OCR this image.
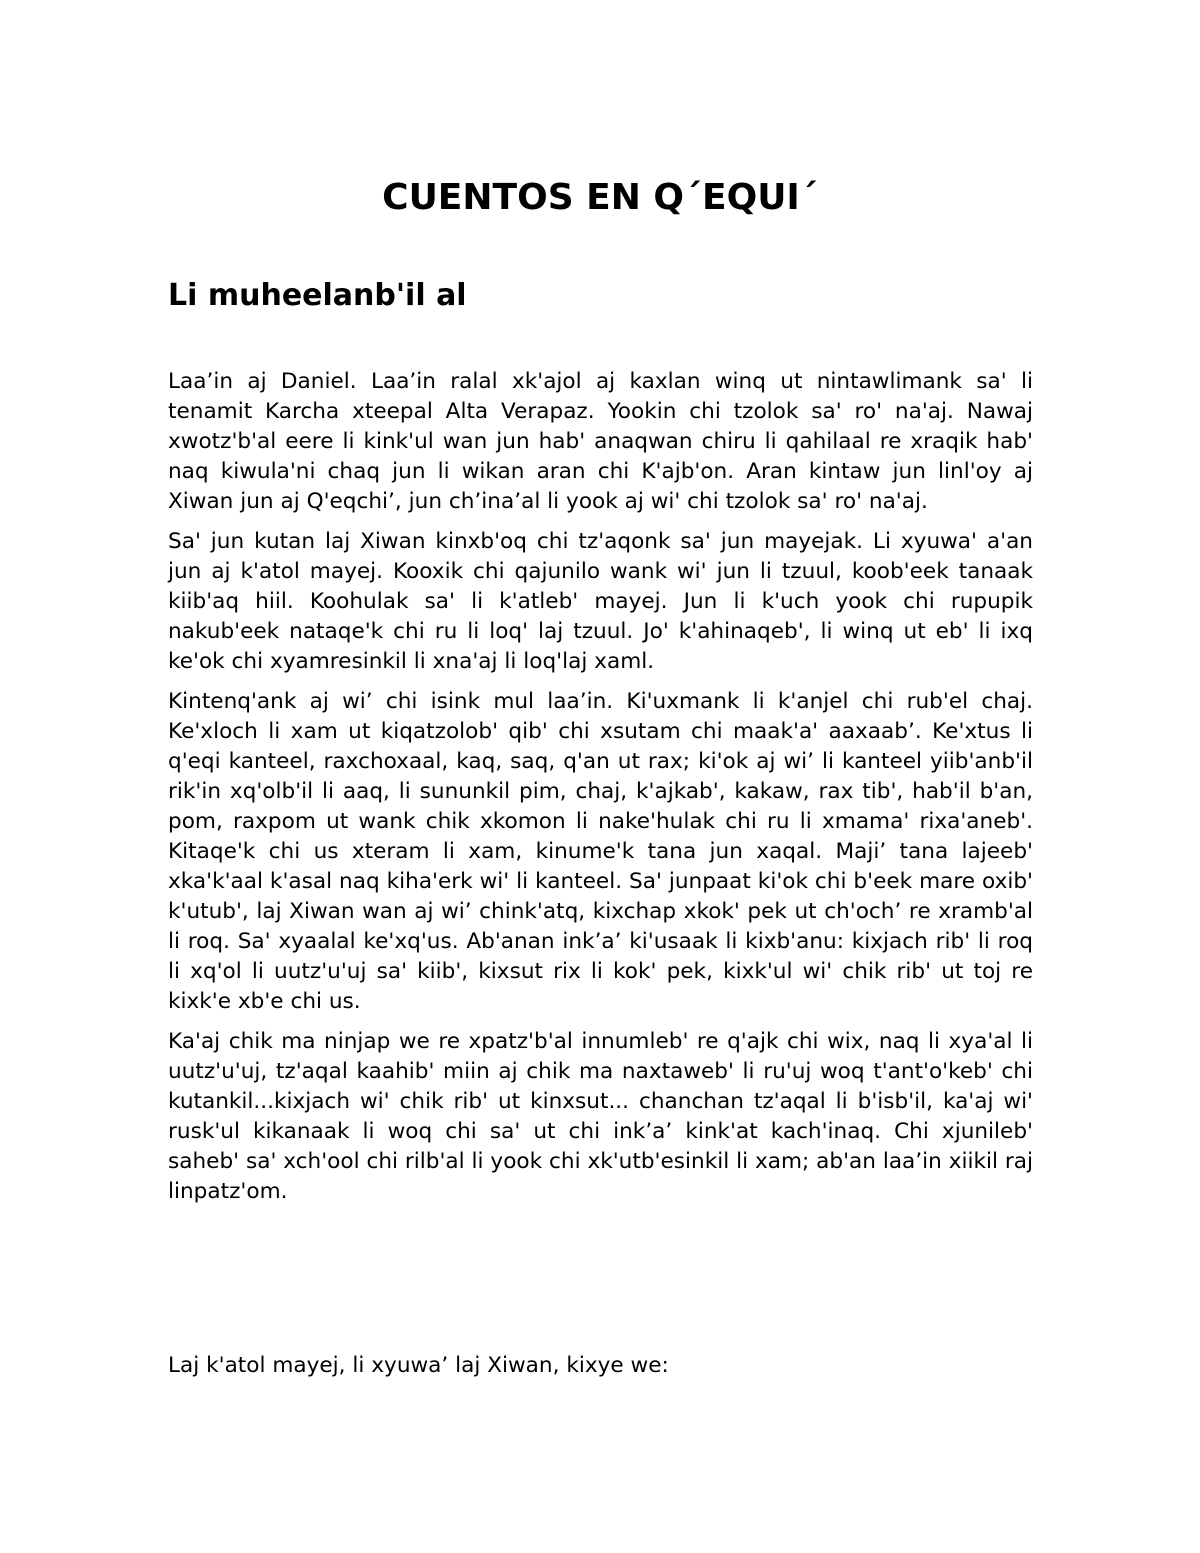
CUENTOS EN Q´EQUI´
Li muheelanb'il al

Laa’in aj Daniel. Laa’in ralal xk'ajol aj kaxlan winq ut nintawlimank sa' li tenamit Karcha xteepal Alta Verapaz. Yookin chi tzolok sa' ro' na'aj. Nawaj xwotz'b'al eere li kink'ul wan jun hab' anaqwan chiru li qahilaal re xraqik hab' naq kiwula'ni chaq jun li wikan aran chi K'ajb'on. Aran kintaw jun linl'oy aj Xiwan jun aj Q'eqchi’, jun ch’ina’al li yook aj wi' chi tzolok sa' ro' na'aj.

Sa' jun kutan laj Xiwan kinxb'oq chi tz'aqonk sa' jun mayejak. Li xyuwa' a'an jun aj k'atol mayej. Kooxik chi qajunilo wank wi' jun li tzuul, koob'eek tanaak kiib'aq hiil. Koohulak sa' li k'atleb' mayej. Jun li k'uch yook chi rupupik nakub'eek nataqe'k chi ru li loq' laj tzuul. Jo' k'ahinaqeb', li winq ut eb' li ixq ke'ok chi xyamresinkil li xna'aj li loq'laj xaml.

Kintenq'ank aj wi’ chi isink mul laa’in. Ki'uxmank li k'anjel chi rub'el chaj. Ke'xloch li xam ut kiqatzolob' qib' chi xsutam chi maak'a' aaxaab’. Ke'xtus li q'eqi kanteel, raxchoxaal, kaq, saq, q'an ut rax; ki'ok aj wi’ li kanteel yiib'anb'il rik'in xq'olb'il li aaq, li sununkil pim, chaj, k'ajkab', kakaw, rax tib', hab'il b'an, pom, raxpom ut wank chik xkomon li nake'hulak chi ru li xmama' rixa'aneb'. Kitaqe'k chi us xteram li xam, kinume'k tana jun xaqal. Maji’ tana lajeeb' xka'k'aal k'asal naq kiha'erk wi' li kanteel. Sa' junpaat ki'ok chi b'eek mare oxib' k'utub', laj Xiwan wan aj wi’ chink'atq, kixchap xkok' pek ut ch'och’ re xramb'al li roq. Sa' xyaalal ke'xq'us. Ab'anan ink’a’ ki'usaak li kixb'anu: kixjach rib' li roq li xq'ol li uutz'u'uj sa' kiib', kixsut rix li kok' pek, kixk'ul wi' chik rib' ut toj re kixk'e xb'e chi us.

Ka'aj chik ma ninjap we re xpatz'b'al innumleb' re q'ajk chi wix, naq li xya'al li uutz'u'uj, tz'aqal kaahib' miin aj chik ma naxtaweb' li ru'uj woq t'ant'o'keb' chi kutankil...kixjach wi' chik rib' ut kinxsut... chanchan tz'aqal li b'isb'il, ka'aj wi' rusk'ul kikanaak li woq chi sa' ut chi ink’a’ kink'at kach'inaq. Chi xjunileb' saheb' sa' xch'ool chi rilb'al li yook chi xk'utb'esinkil li xam; ab'an laa’in xiikil raj linpatz'om.

Laj k'atol mayej, li xyuwa’ laj Xiwan, kixye we:
